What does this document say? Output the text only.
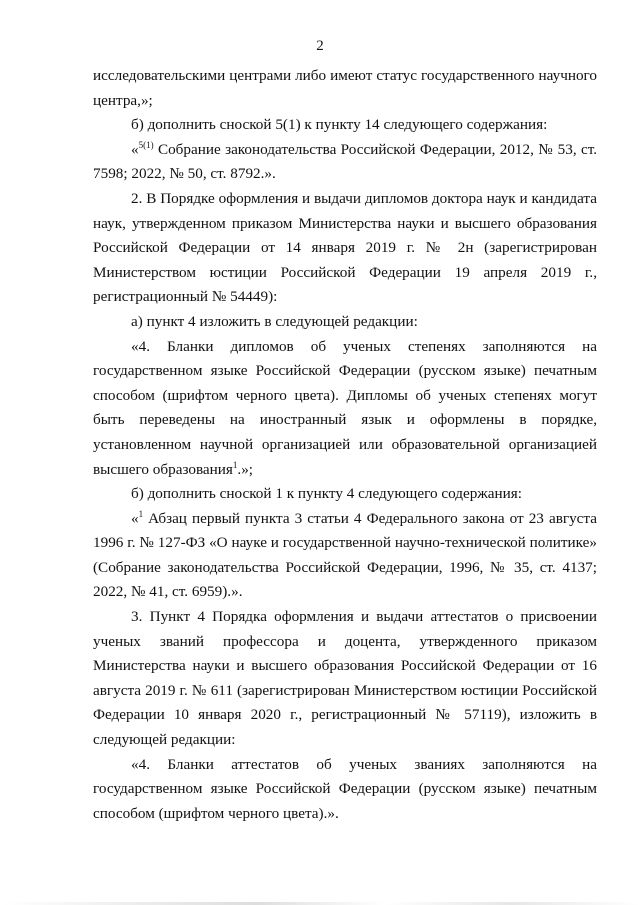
2

исследовательскими центрами либо имеют статус государственного научного центра,»;

б) дополнить сноской 5(1) к пункту 14 следующего содержания:

«$^{5(1)}$ Собрание законодательства Российской Федерации, 2012, № 53, ст. 7598; 2022, № 50, ст. 8792.».

2. В Порядке оформления и выдачи дипломов доктора наук и кандидата наук, утвержденном приказом Министерства науки и высшего образования Российской Федерации от 14 января 2019 г. № 2н (зарегистрирован Министерством юстиции Российской Федерации 19 апреля 2019 г., регистрационный № 54449):

а) пункт 4 изложить в следующей редакции:

«4. Бланки дипломов об ученых степенях заполняются на государственном языке Российской Федерации (русском языке) печатным способом (шрифтом черного цвета). Дипломы об ученых степенях могут быть переведены на иностранный язык и оформлены в порядке, установленном научной организацией или образовательной организацией высшего образования$^1$.»;

б) дополнить сноской 1 к пункту 4 следующего содержания:

«$^1$ Абзац первый пункта 3 статьи 4 Федерального закона от 23 августа 1996 г. № 127-ФЗ «О науке и государственной научно-технической политике» (Собрание законодательства Российской Федерации, 1996, № 35, ст. 4137; 2022, № 41, ст. 6959).».

3. Пункт 4 Порядка оформления и выдачи аттестатов о присвоении ученых званий профессора и доцента, утвержденного приказом Министерства науки и высшего образования Российской Федерации от 16 августа 2019 г. № 611 (зарегистрирован Министерством юстиции Российской Федерации 10 января 2020 г., регистрационный № 57119), изложить в следующей редакции:

«4. Бланки аттестатов об ученых званиях заполняются на государственном языке Российской Федерации (русском языке) печатным способом (шрифтом черного цвета).».
